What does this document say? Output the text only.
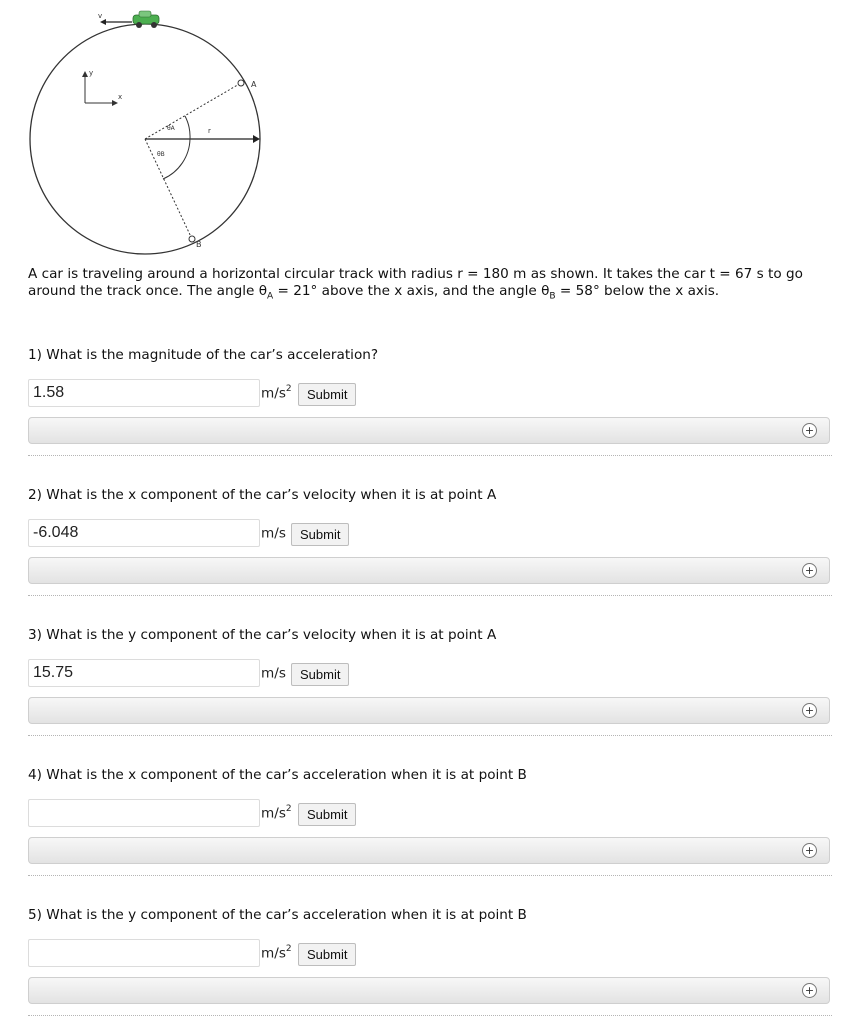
v
y
x
r
A
B
θA
θB
A car is traveling around a horizontal circular track with radius r = 180 m as shown. It takes the car t = 67 s to go around the track once. The angle $\theta_A = 21^\circ$ above the x axis, and the angle $\theta_B = 58^\circ$ below the x axis.
1) What is the magnitude of the car’s acceleration?
1.58
$m/s^2$	Submit
+
2) What is the x component of the car’s velocity when it is at point A
-6.048
m/s	Submit
+
3) What is the y component of the car’s velocity when it is at point A
15.75
m/s	Submit
+
4) What is the x component of the car’s acceleration when it is at point B
$m/s^2$	Submit
+
5) What is the y component of the car’s acceleration when it is at point B
$m/s^2$	Submit
+
